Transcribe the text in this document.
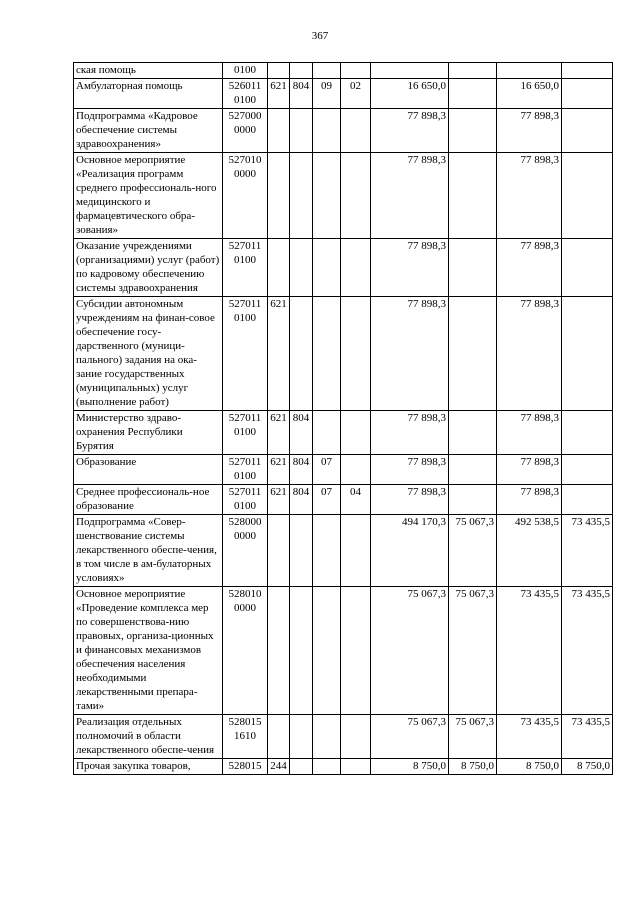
367
ская помощь	0100								
Амбулаторная помощь	526011 0100	621	804	09	02	16 650,0		16 650,0	
Подпрограмма «Кадровое обеспечение системы здравоохранения»	527000 0000					77 898,3		77 898,3	
Основное мероприятие «Реализация программ среднего профессиональ-ного медицинского и фармацевтического обра-зования»	527010 0000					77 898,3		77 898,3	
Оказание учреждениями (организациями) услуг (работ) по кадровому обеспечению системы здравоохранения	527011 0100					77 898,3		77 898,3	
Субсидии автономным учреждениям на финан-совое обеспечение госу-дарственного (муници-пального) задания на ока-зание государственных (муниципальных) услуг (выполнение работ)	527011 0100	621				77 898,3		77 898,3	
Министерство здраво-охранения Республики Бурятия	527011 0100	621	804			77 898,3		77 898,3	
Образование	527011 0100	621	804	07		77 898,3		77 898,3	
Среднее профессиональ-ное образование	527011 0100	621	804	07	04	77 898,3		77 898,3	
Подпрограмма «Совер-шенствование системы лекарственного обеспе-чения, в том числе в ам-булаторных условиях»	528000 0000					494 170,3	75 067,3	492 538,5	73 435,5
Основное мероприятие «Проведение комплекса мер по совершенствова-нию правовых, организа-ционных и финансовых механизмов обеспечения населения необходимыми лекарственными препара-тами»	528010 0000					75 067,3	75 067,3	73 435,5	73 435,5
Реализация отдельных полномочий в области лекарственного обеспе-чения	528015 1610					75 067,3	75 067,3	73 435,5	73 435,5
Прочая закупка товаров,	528015	244				8 750,0	8 750,0	8 750,0	8 750,0
